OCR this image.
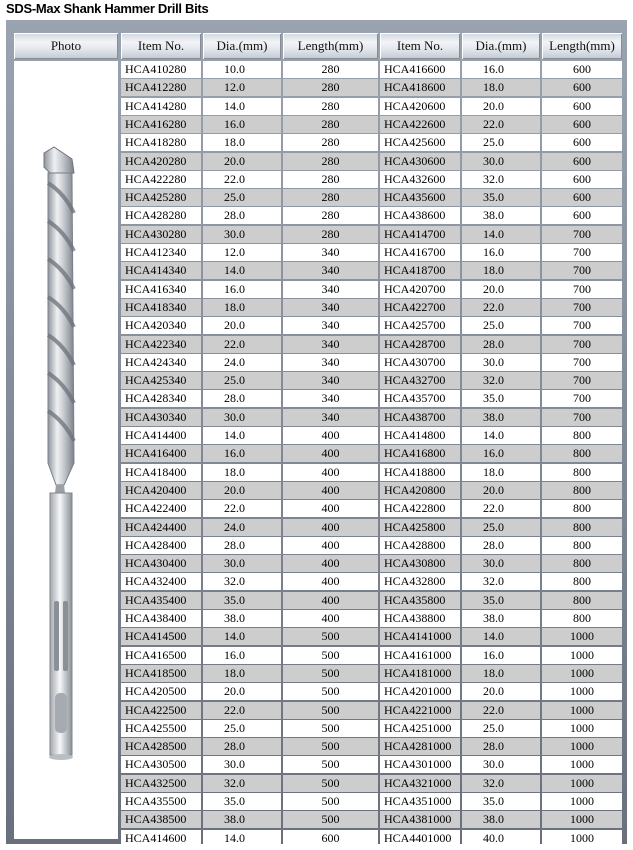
SDS-Max Shank Hammer Drill Bits
Photo	Item No.	Dia.(mm)	Length(mm)	Item No.	Dia.(mm)	Length(mm)
HCA410280	10.0	280	HCA416600	16.0	600
HCA412280	12.0	280	HCA418600	18.0	600
HCA414280	14.0	280	HCA420600	20.0	600
HCA416280	16.0	280	HCA422600	22.0	600
HCA418280	18.0	280	HCA425600	25.0	600
HCA420280	20.0	280	HCA430600	30.0	600
HCA422280	22.0	280	HCA432600	32.0	600
HCA425280	25.0	280	HCA435600	35.0	600
HCA428280	28.0	280	HCA438600	38.0	600
HCA430280	30.0	280	HCA414700	14.0	700
HCA412340	12.0	340	HCA416700	16.0	700
HCA414340	14.0	340	HCA418700	18.0	700
HCA416340	16.0	340	HCA420700	20.0	700
HCA418340	18.0	340	HCA422700	22.0	700
HCA420340	20.0	340	HCA425700	25.0	700
HCA422340	22.0	340	HCA428700	28.0	700
HCA424340	24.0	340	HCA430700	30.0	700
HCA425340	25.0	340	HCA432700	32.0	700
HCA428340	28.0	340	HCA435700	35.0	700
HCA430340	30.0	340	HCA438700	38.0	700
HCA414400	14.0	400	HCA414800	14.0	800
HCA416400	16.0	400	HCA416800	16.0	800
HCA418400	18.0	400	HCA418800	18.0	800
HCA420400	20.0	400	HCA420800	20.0	800
HCA422400	22.0	400	HCA422800	22.0	800
HCA424400	24.0	400	HCA425800	25.0	800
HCA428400	28.0	400	HCA428800	28.0	800
HCA430400	30.0	400	HCA430800	30.0	800
HCA432400	32.0	400	HCA432800	32.0	800
HCA435400	35.0	400	HCA435800	35.0	800
HCA438400	38.0	400	HCA438800	38.0	800
HCA414500	14.0	500	HCA4141000	14.0	1000
HCA416500	16.0	500	HCA4161000	16.0	1000
HCA418500	18.0	500	HCA4181000	18.0	1000
HCA420500	20.0	500	HCA4201000	20.0	1000
HCA422500	22.0	500	HCA4221000	22.0	1000
HCA425500	25.0	500	HCA4251000	25.0	1000
HCA428500	28.0	500	HCA4281000	28.0	1000
HCA430500	30.0	500	HCA4301000	30.0	1000
HCA432500	32.0	500	HCA4321000	32.0	1000
HCA435500	35.0	500	HCA4351000	35.0	1000
HCA438500	38.0	500	HCA4381000	38.0	1000
HCA414600	14.0	600	HCA4401000	40.0	1000
